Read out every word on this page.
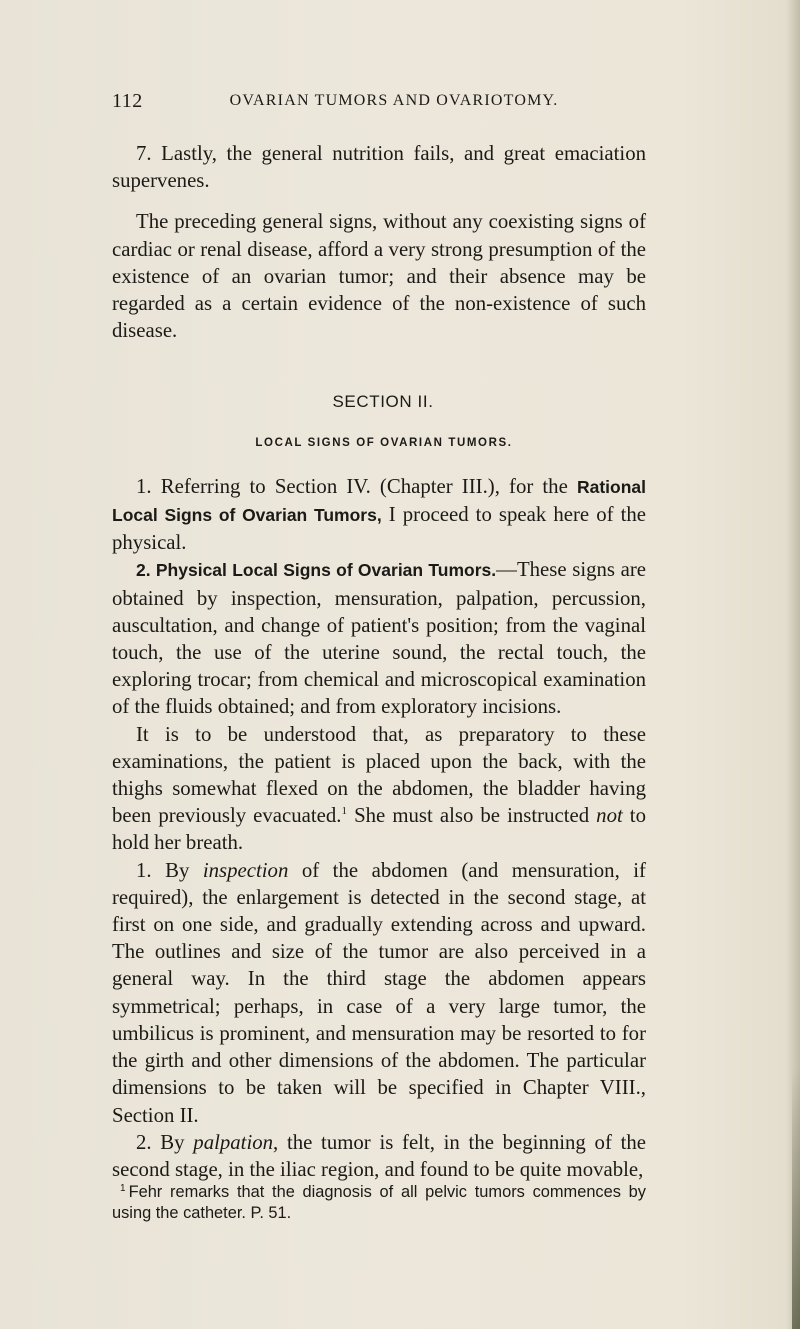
112	OVARIAN TUMORS AND OVARIOTOMY.

7. Lastly, the general nutrition fails, and great emaciation supervenes.

The preceding general signs, without any coexisting signs of cardiac or renal disease, afford a very strong presumption of the existence of an ovarian tumor; and their absence may be regarded as a certain evidence of the non-existence of such disease.

SECTION II.
LOCAL SIGNS OF OVARIAN TUMORS.

1. Referring to Section IV. (Chapter III.), for the Rational Local Signs of Ovarian Tumors, I proceed to speak here of the physical.

2. Physical Local Signs of Ovarian Tumors.—These signs are obtained by inspection, mensuration, palpation, percussion, auscultation, and change of patient's position; from the vaginal touch, the use of the uterine sound, the rectal touch, the exploring trocar; from chemical and microscopical examination of the fluids obtained; and from exploratory incisions.

It is to be understood that, as preparatory to these examinations, the patient is placed upon the back, with the thighs somewhat flexed on the abdomen, the bladder having been previously evacuated.$^1$ She must also be instructed not to hold her breath.

1. By inspection of the abdomen (and mensuration, if required), the enlargement is detected in the second stage, at first on one side, and gradually extending across and upward. The outlines and size of the tumor are also perceived in a general way. In the third stage the abdomen appears symmetrical; perhaps, in case of a very large tumor, the umbilicus is prominent, and mensuration may be resorted to for the girth and other dimensions of the abdomen. The particular dimensions to be taken will be specified in Chapter VIII., Section II.

2. By palpation, the tumor is felt, in the beginning of the second stage, in the iliac region, and found to be quite movable,

$^1$ Fehr remarks that the diagnosis of all pelvic tumors commences by using the catheter. P. 51.
